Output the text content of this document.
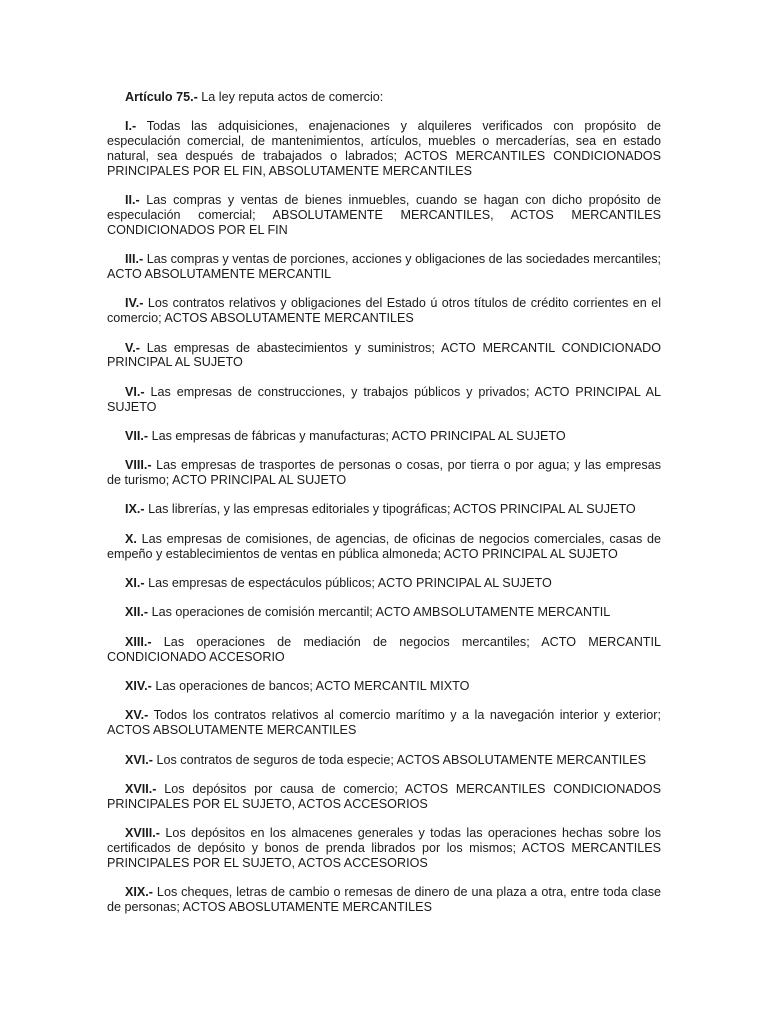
Artículo 75.- La ley reputa actos de comercio:

I.- Todas las adquisiciones, enajenaciones y alquileres verificados con propósito de especulación comercial, de mantenimientos, artículos, muebles o mercaderías, sea en estado natural, sea después de trabajados o labrados; ACTOS MERCANTILES CONDICIONADOS PRINCIPALES POR EL FIN, ABSOLUTAMENTE MERCANTILES

II.- Las compras y ventas de bienes inmuebles, cuando se hagan con dicho propósito de especulación comercial; ABSOLUTAMENTE MERCANTILES, ACTOS MERCANTILES CONDICIONADOS POR EL FIN

III.- Las compras y ventas de porciones, acciones y obligaciones de las sociedades mercantiles; ACTO ABSOLUTAMENTE MERCANTIL

IV.- Los contratos relativos y obligaciones del Estado ú otros títulos de crédito corrientes en el comercio; ACTOS ABSOLUTAMENTE MERCANTILES

V.- Las empresas de abastecimientos y suministros; ACTO MERCANTIL CONDICIONADO PRINCIPAL AL SUJETO

VI.- Las empresas de construcciones, y trabajos públicos y privados; ACTO PRINCIPAL AL SUJETO

VII.- Las empresas de fábricas y manufacturas; ACTO PRINCIPAL AL SUJETO

VIII.- Las empresas de trasportes de personas o cosas, por tierra o por agua; y las empresas de turismo; ACTO PRINCIPAL AL SUJETO

IX.- Las librerías, y las empresas editoriales y tipográficas; ACTOS PRINCIPAL AL SUJETO

X. Las empresas de comisiones, de agencias, de oficinas de negocios comerciales, casas de empeño y establecimientos de ventas en pública almoneda; ACTO PRINCIPAL AL SUJETO

XI.- Las empresas de espectáculos públicos; ACTO PRINCIPAL AL SUJETO

XII.- Las operaciones de comisión mercantil; ACTO AMBSOLUTAMENTE MERCANTIL

XIII.- Las operaciones de mediación de negocios mercantiles; ACTO MERCANTIL CONDICIONADO ACCESORIO

XIV.- Las operaciones de bancos; ACTO MERCANTIL MIXTO

XV.- Todos los contratos relativos al comercio marítimo y a la navegación interior y exterior; ACTOS ABSOLUTAMENTE MERCANTILES

XVI.- Los contratos de seguros de toda especie; ACTOS ABSOLUTAMENTE MERCANTILES

XVII.- Los depósitos por causa de comercio; ACTOS MERCANTILES CONDICIONADOS PRINCIPALES POR EL SUJETO, ACTOS ACCESORIOS

XVIII.- Los depósitos en los almacenes generales y todas las operaciones hechas sobre los certificados de depósito y bonos de prenda librados por los mismos; ACTOS MERCANTILES PRINCIPALES POR EL SUJETO, ACTOS ACCESORIOS

XIX.- Los cheques, letras de cambio o remesas de dinero de una plaza a otra, entre toda clase de personas; ACTOS ABOSLUTAMENTE MERCANTILES
